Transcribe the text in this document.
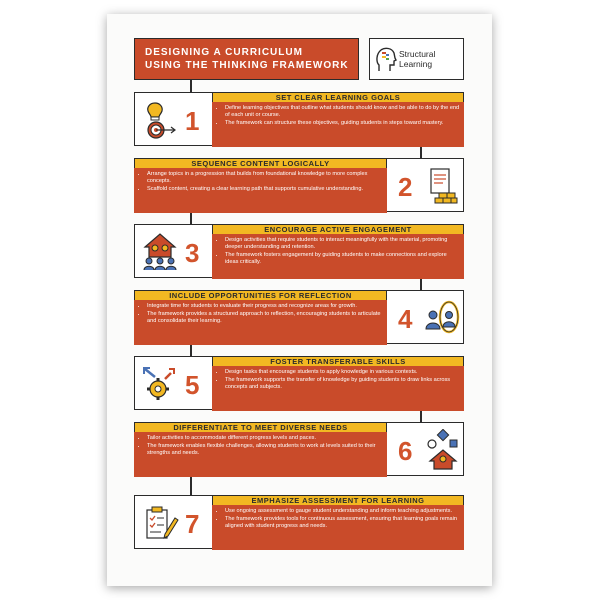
DESIGNING A CURRICULUM
USING THE THINKING FRAMEWORK
Structural
Learning
1
SET CLEAR LEARNING GOALS
• Define learning objectives that outline what students should know and be able to do by the end of each unit or course.
• The framework can structure these objectives, guiding students in steps toward mastery.
SEQUENCE CONTENT LOGICALLY
• Arrange topics in a progression that builds from foundational knowledge to more complex concepts.
• Scaffold content, creating a clear learning path that supports cumulative understanding.	2
3
ENCOURAGE ACTIVE ENGAGEMENT
• Design activities that require students to interact meaningfully with the material, promoting deeper understanding and retention.
• The framework fosters engagement by guiding students to make connections and explore ideas critically.
INCLUDE OPPORTUNITIES FOR REFLECTION
• Integrate time for students to evaluate their progress and recognize areas for growth.
• The framework provides a structured approach to reflection, encouraging students to articulate and consolidate their learning.	4
5
FOSTER TRANSFERABLE SKILLS
• Design tasks that encourage students to apply knowledge in various contexts.
• The framework supports the transfer of knowledge by guiding students to draw links across concepts and subjects.
DIFFERENTIATE TO MEET DIVERSE NEEDS
• Tailor activities to accommodate different progress levels and paces.
• The framework enables flexible challenges, allowing students to work at levels suited to their strengths and needs.	6
7
EMPHASIZE ASSESSMENT FOR LEARNING
• Use ongoing assessment to gauge student understanding and inform teaching adjustments.
• The framework provides tools for continuous assessment, ensuring that learning goals remain aligned with student progress and needs.
